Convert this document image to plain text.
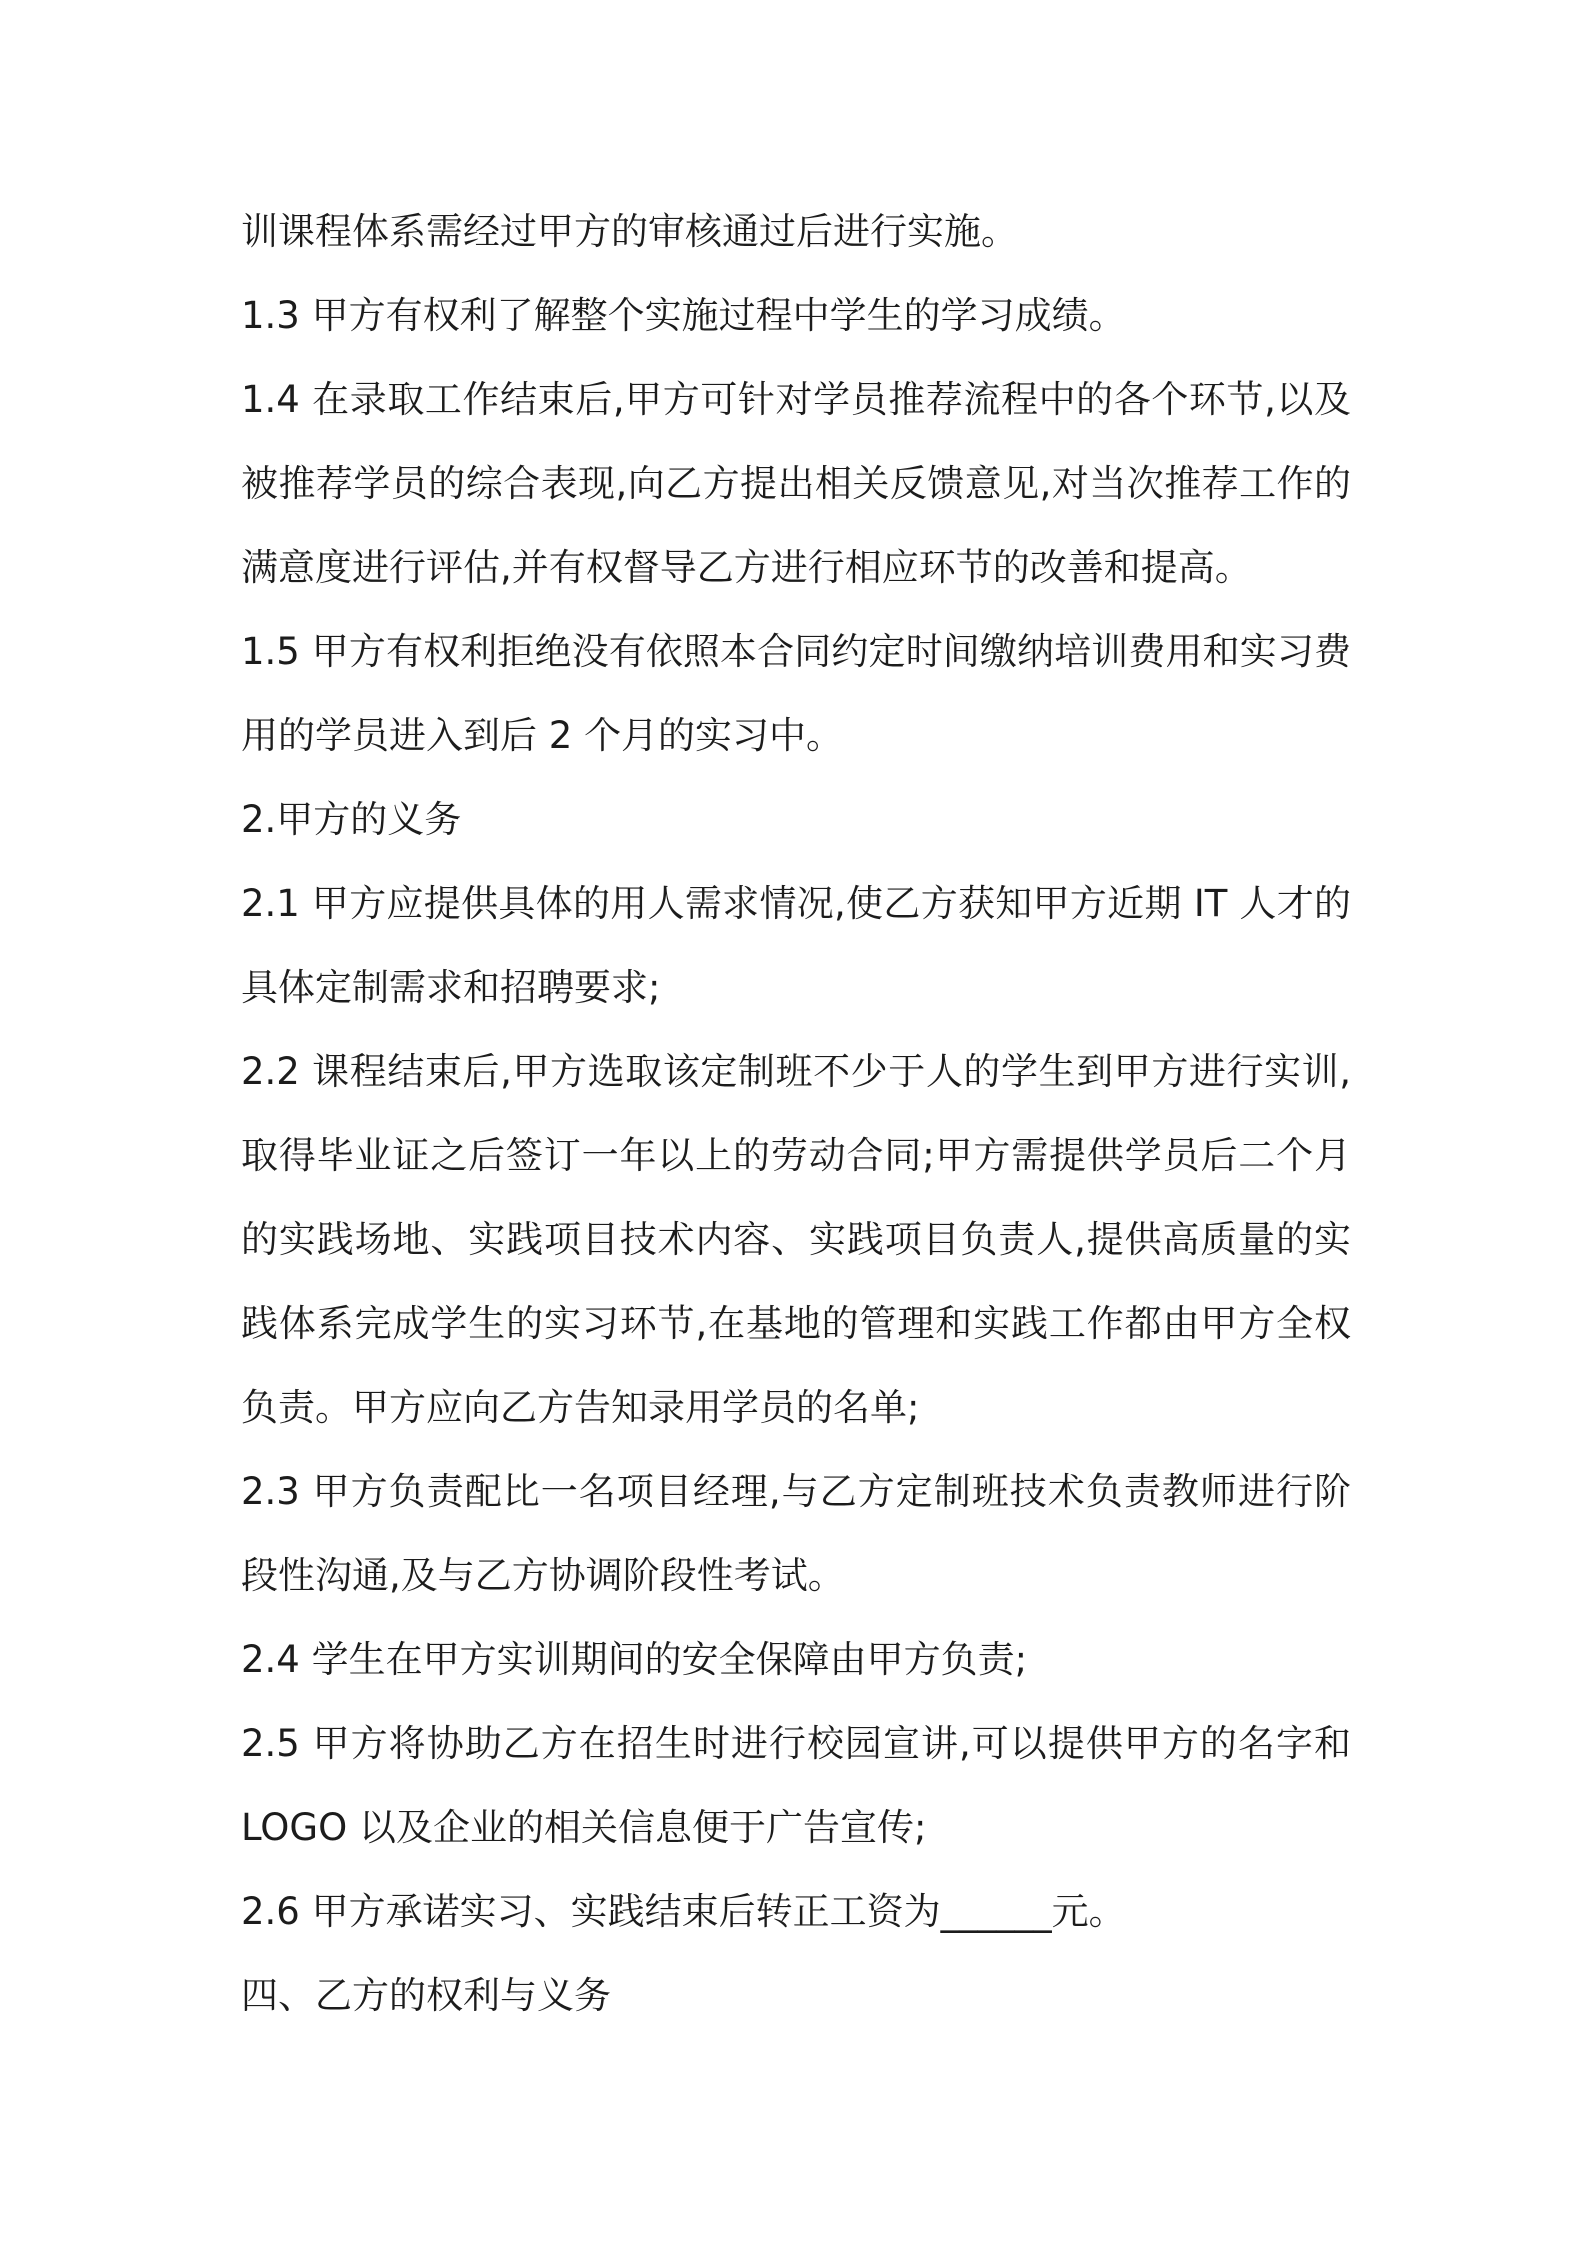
训课程体系需经过甲方的审核通过后进行实施。
1.3 甲方有权利了解整个实施过程中学生的学习成绩。
1.4 在录取工作结束后,甲方可针对学员推荐流程中的各个环节,以及
被推荐学员的综合表现,向乙方提出相关反馈意见,对当次推荐工作的
满意度进行评估,并有权督导乙方进行相应环节的改善和提高。
1.5 甲方有权利拒绝没有依照本合同约定时间缴纳培训费用和实习费
用的学员进入到后 2 个月的实习中。
2.甲方的义务
2.1 甲方应提供具体的用人需求情况,使乙方获知甲方近期 IT 人才的
具体定制需求和招聘要求;
2.2 课程结束后,甲方选取该定制班不少于人的学生到甲方进行实训,
取得毕业证之后签订一年以上的劳动合同;甲方需提供学员后二个月
的实践场地、实践项目技术内容、实践项目负责人,提供高质量的实
践体系完成学生的实习环节,在基地的管理和实践工作都由甲方全权
负责。甲方应向乙方告知录用学员的名单;
2.3 甲方负责配比一名项目经理,与乙方定制班技术负责教师进行阶
段性沟通,及与乙方协调阶段性考试。
2.4 学生在甲方实训期间的安全保障由甲方负责;
2.5 甲方将协助乙方在招生时进行校园宣讲,可以提供甲方的名字和
LOGO 以及企业的相关信息便于广告宣传;
2.6 甲方承诺实习、实践结束后转正工资为______元。
四、乙方的权利与义务
